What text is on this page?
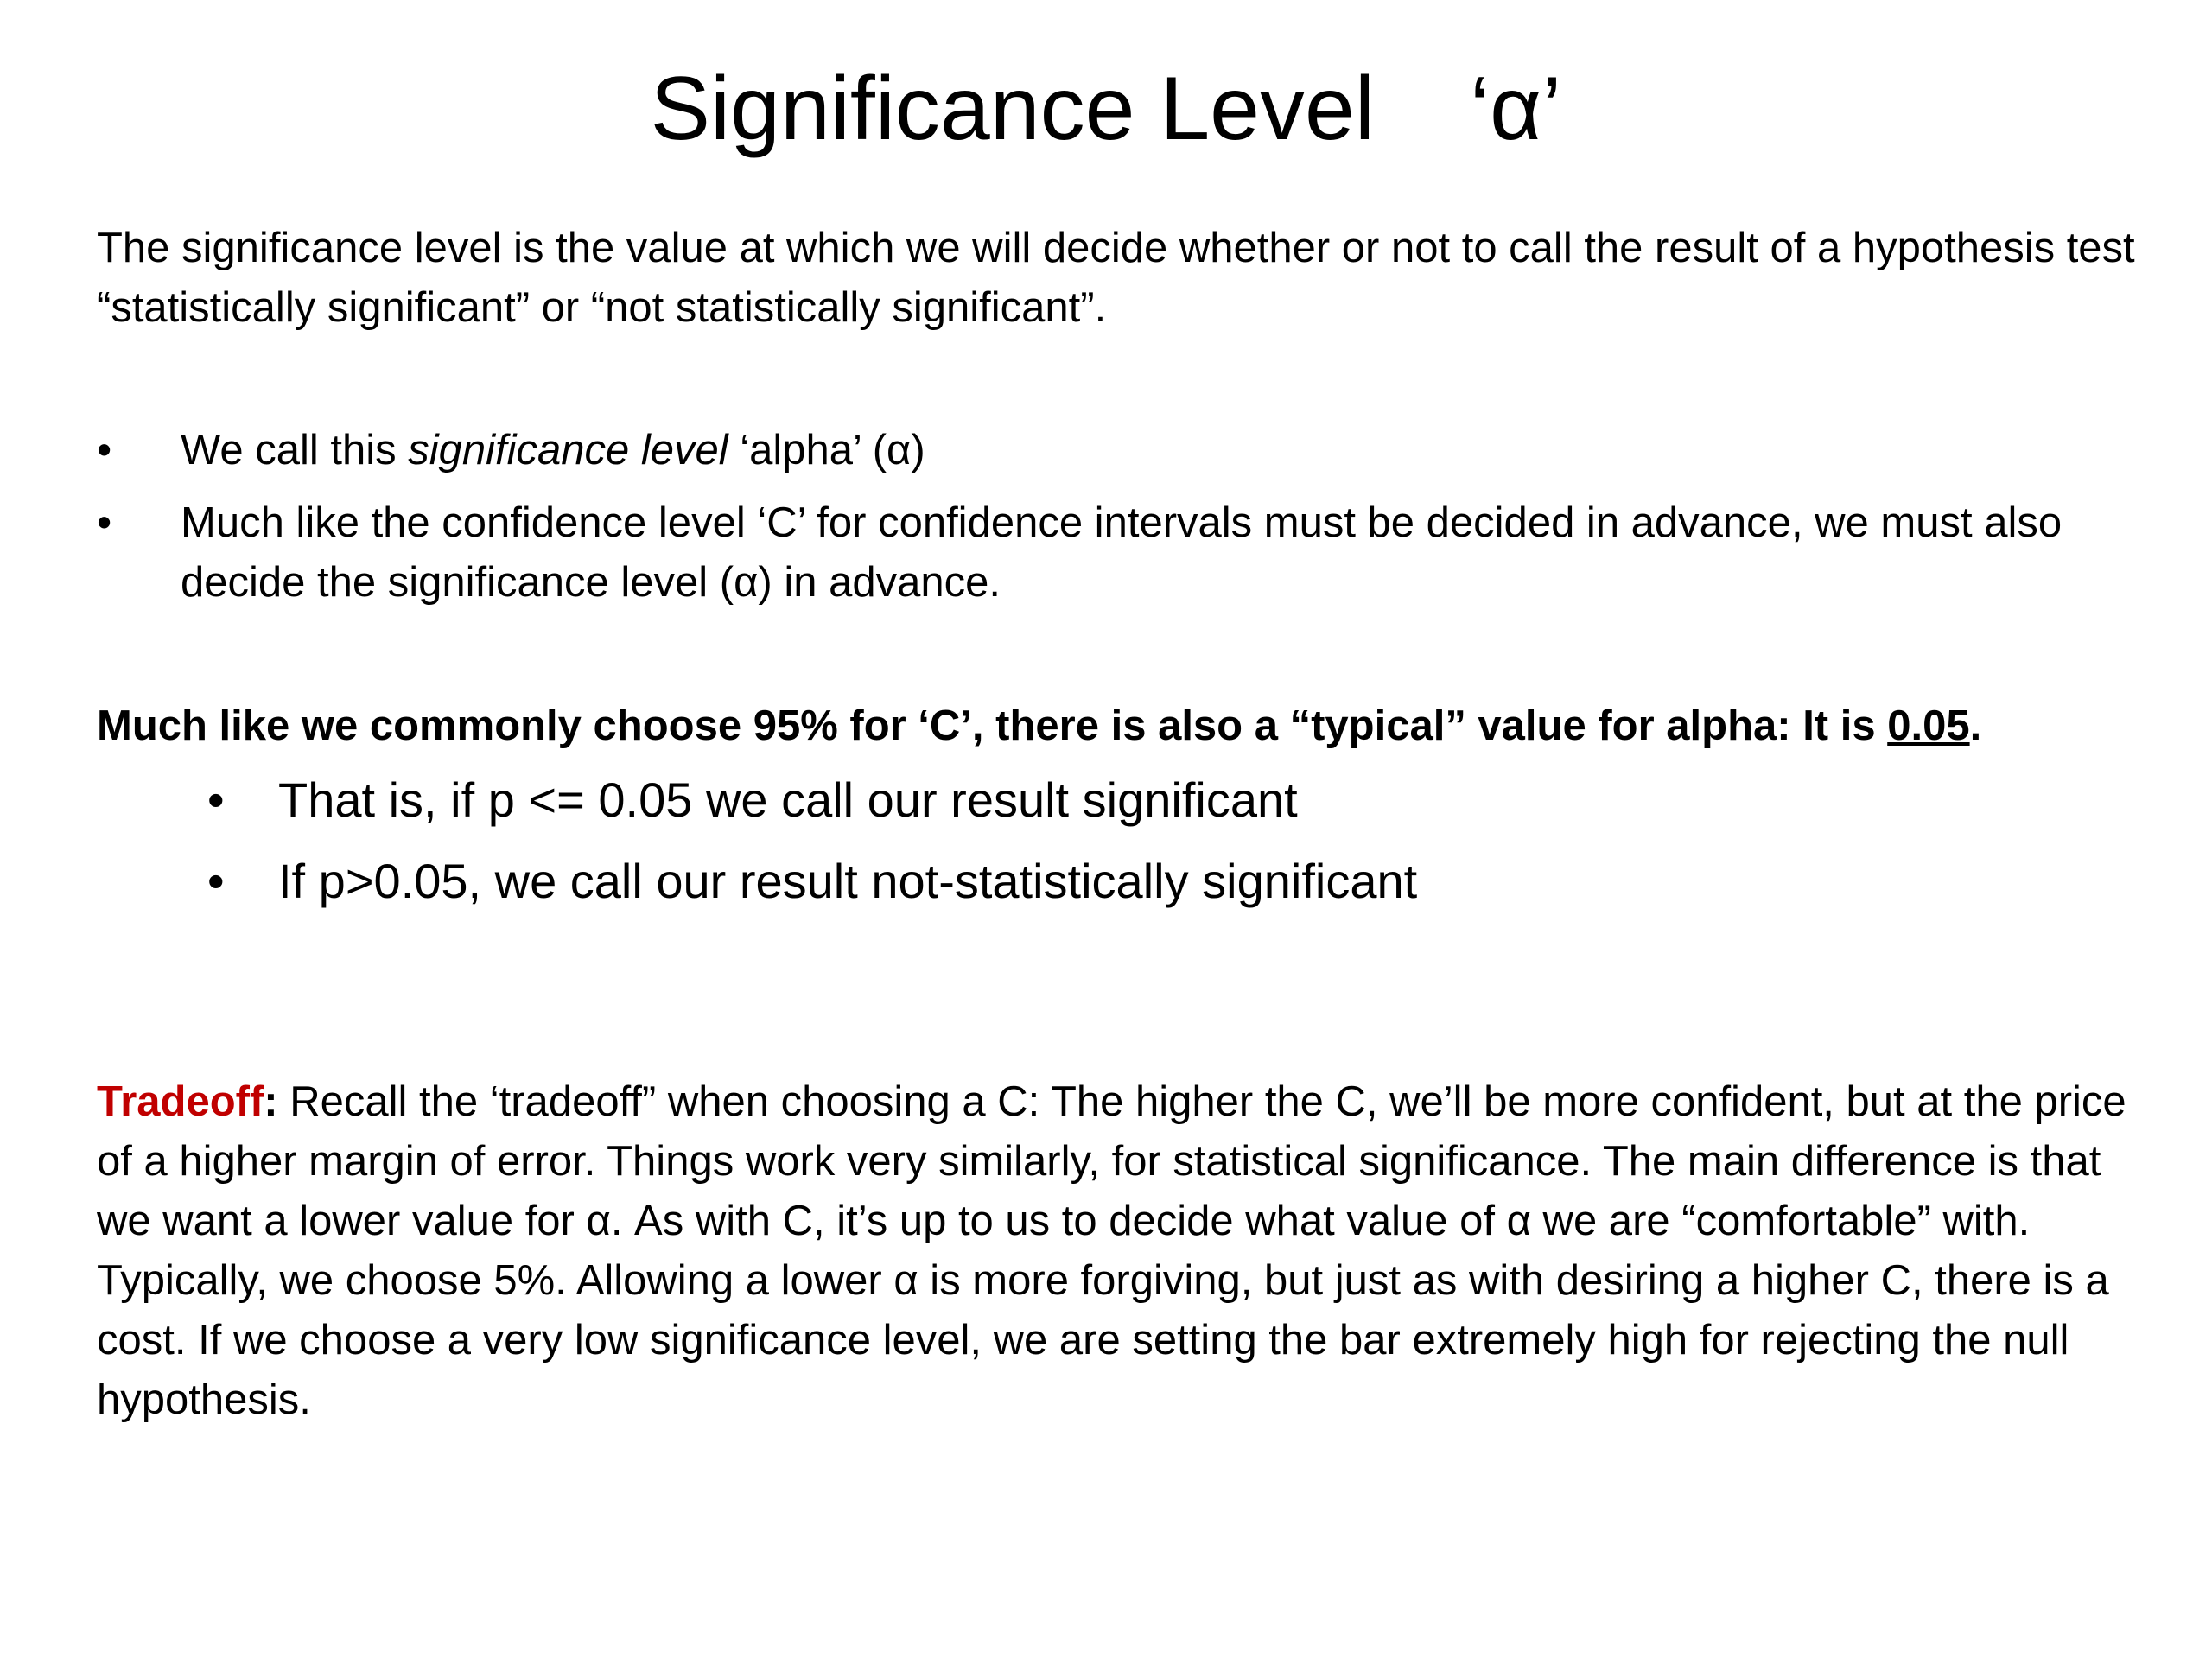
Significance Level ‘α’
The significance level is the value at which we will decide whether or not to call the result of a hypothesis test “statistically significant” or “not statistically significant”.
• We call this significance level ‘alpha’ (α)
• Much like the confidence level ‘C’ for confidence intervals must be decided in advance, we must also decide the significance level (α) in advance.
Much like we commonly choose 95% for ‘C’, there is also a “typical” value for alpha: It is 0.05.
• That is, if p <= 0.05 we call our result significant
• If p>0.05, we call our result not-statistically significant
Tradeoff: Recall the ‘tradeoff” when choosing a C: The higher the C, we’ll be more confident, but at the price of a higher margin of error. Things work very similarly, for statistical significance. The main difference is that we want a lower value for α. As with C, it’s up to us to decide what value of α we are “comfortable” with. Typically, we choose 5%. Allowing a lower α is more forgiving, but just as with desiring a higher C, there is a cost. If we choose a very low significance level, we are setting the bar extremely high for rejecting the null hypothesis.
